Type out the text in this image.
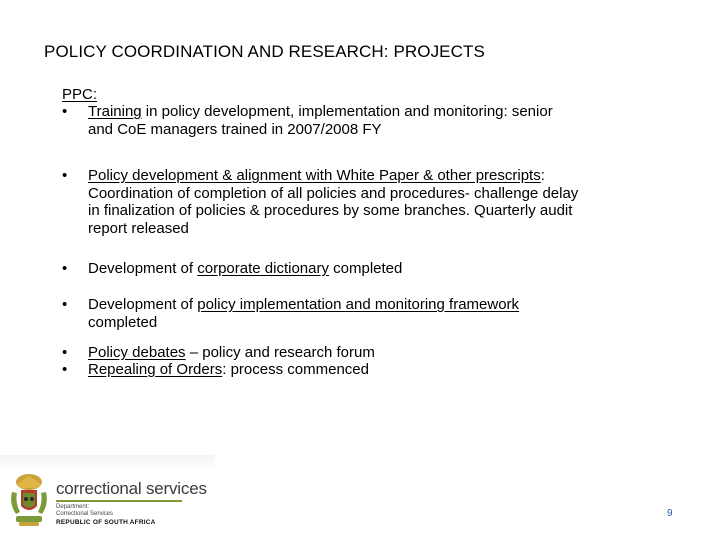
POLICY COORDINATION AND RESEARCH: PROJECTS
PPC:
• Training in policy development, implementation and monitoring: senior
and CoE managers trained in 2007/2008 FY
• Policy development & alignment with White Paper & other prescripts:
Coordination of completion of all policies and procedures- challenge delay
in finalization of policies & procedures by some branches. Quarterly audit
report released
• Development of corporate dictionary completed
• Development of policy implementation and monitoring framework
completed
• Policy debates – policy and research forum
• Repealing of Orders: process commenced
correctional services
Department:
Correctional Services
REPUBLIC OF SOUTH AFRICA
9
